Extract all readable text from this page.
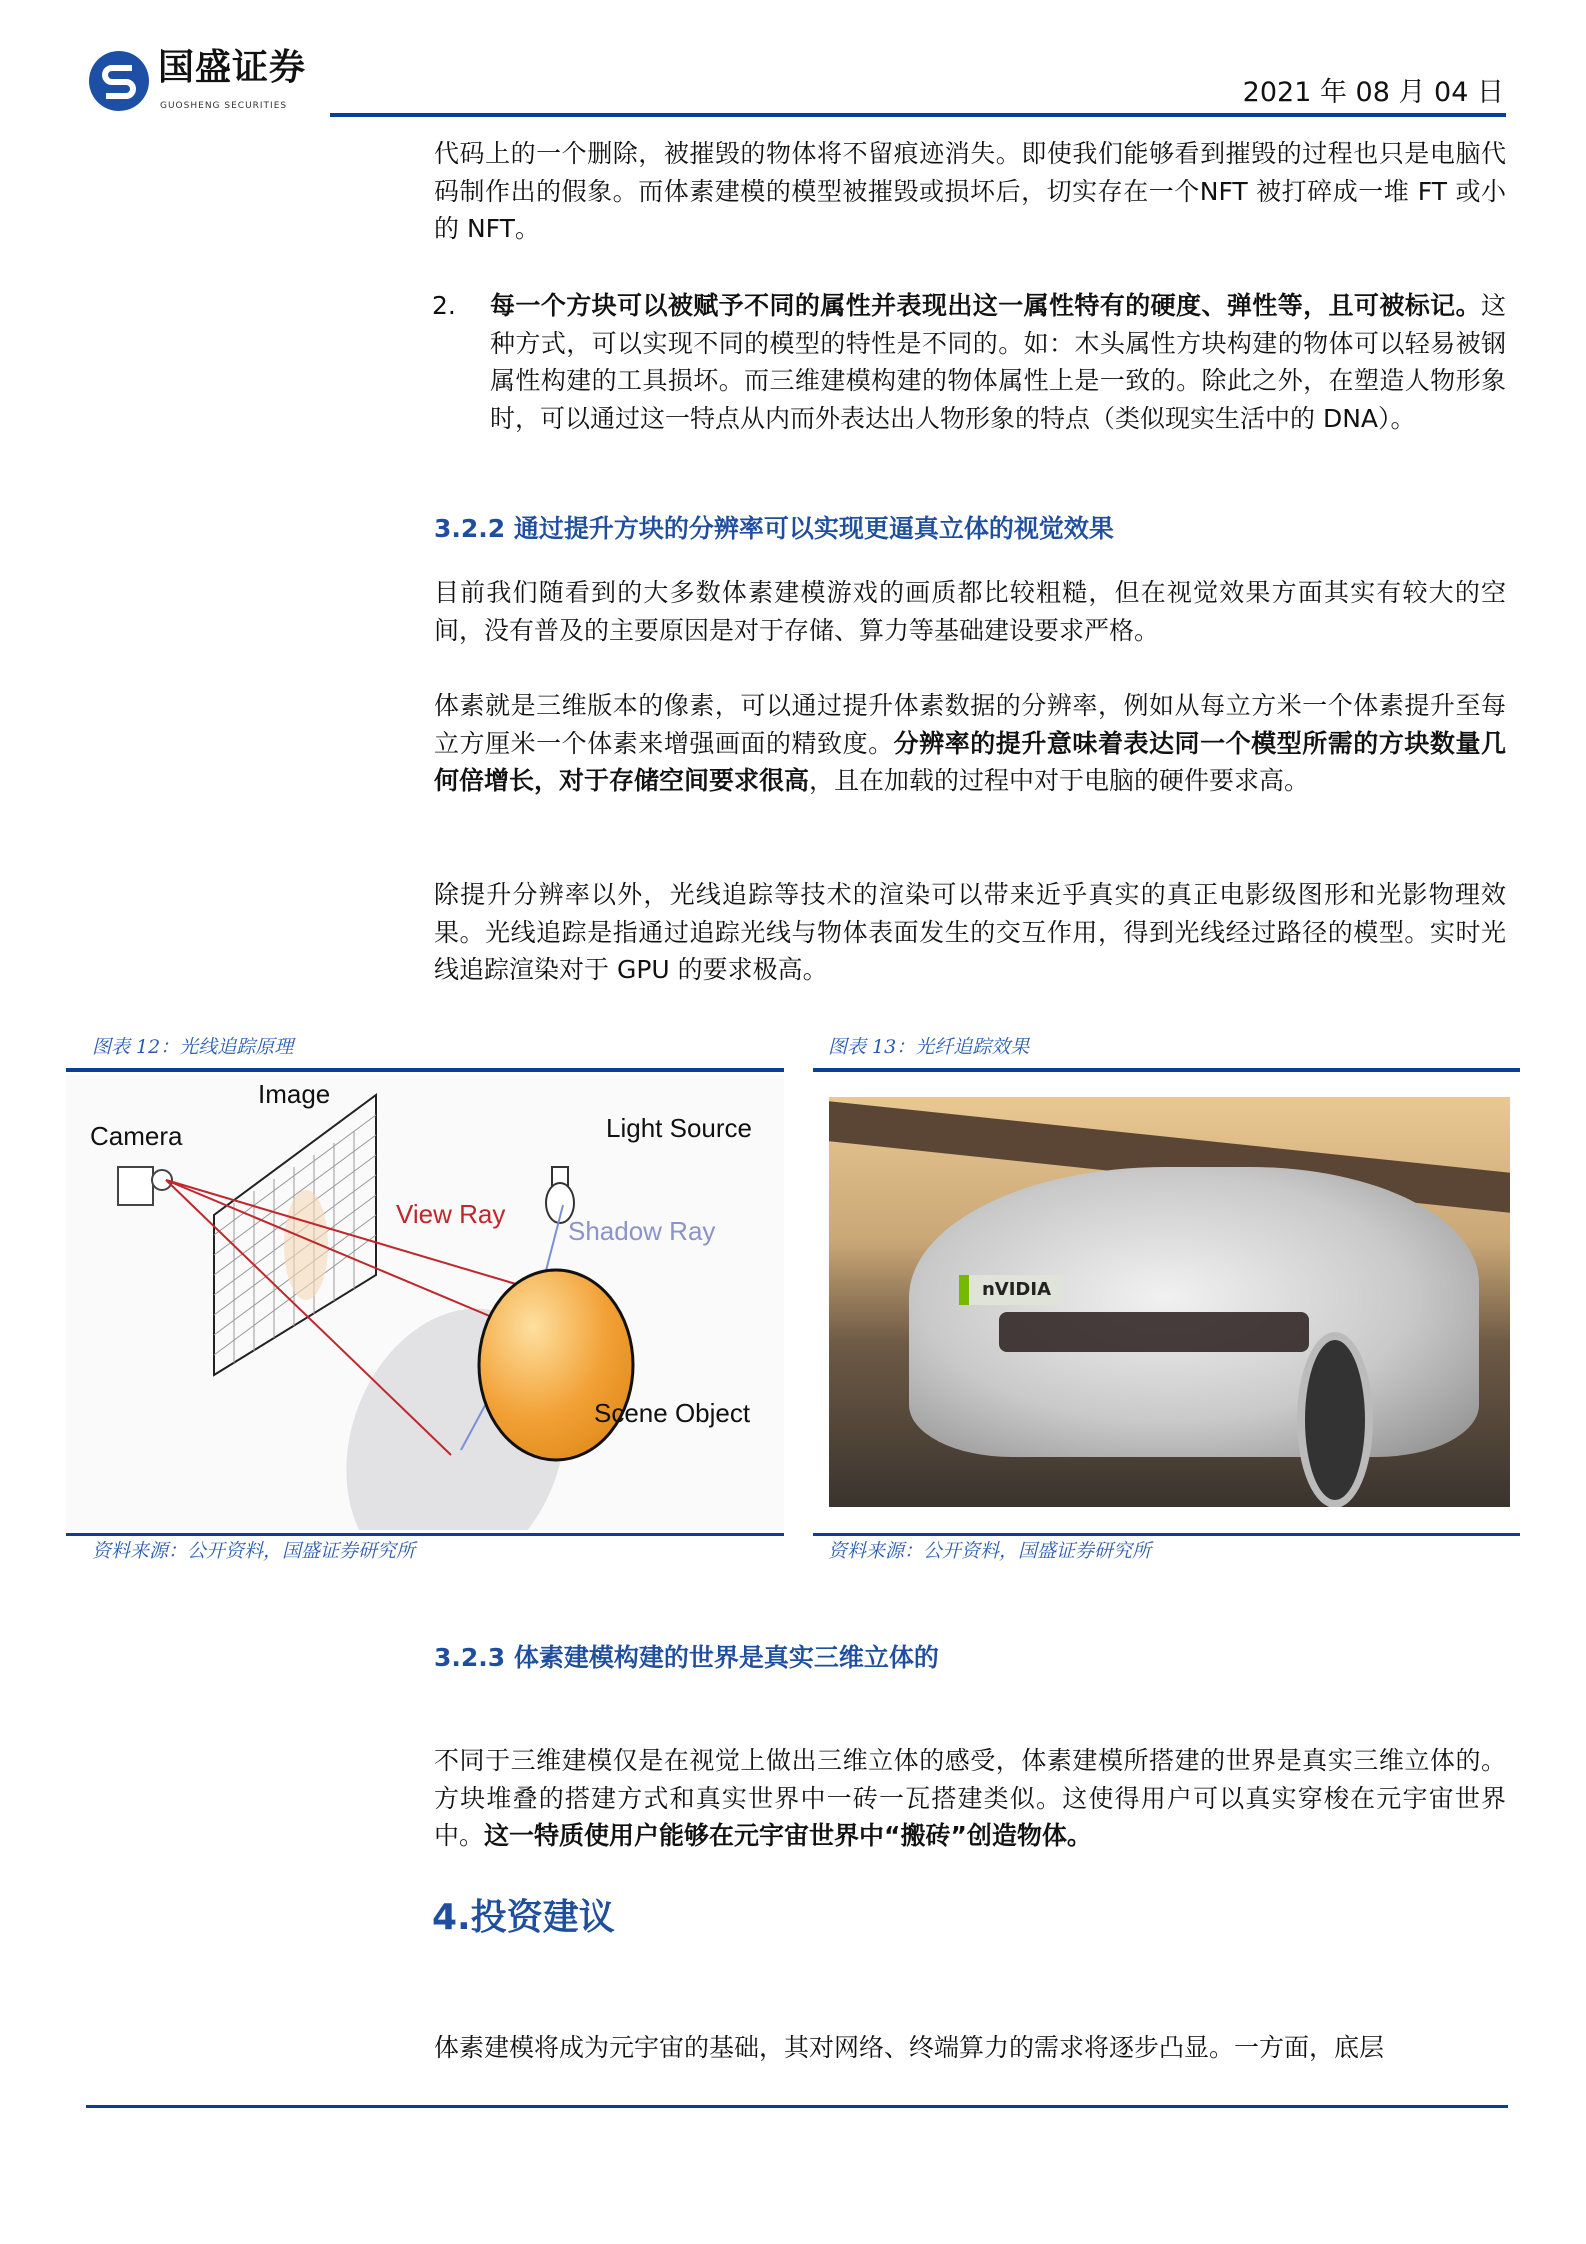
国盛证券
GUOSHENG SECURITIES	2021 年 08 月 04 日
代码上的一个删除，被摧毁的物体将不留痕迹消失。即使我们能够看到摧毁的过程也只是电脑代码制作出的假象。而体素建模的模型被摧毁或损坏后，切实存在一个NFT 被打碎成一堆 FT 或小的 NFT。
2. 每一个方块可以被赋予不同的属性并表现出这一属性特有的硬度、弹性等，且可被标记。这种方式，可以实现不同的模型的特性是不同的。如：木头属性方块构建的物体可以轻易被钢属性构建的工具损坏。而三维建模构建的物体属性上是一致的。除此之外，在塑造人物形象时，可以通过这一特点从内而外表达出人物形象的特点（类似现实生活中的 DNA）。
3.2.2 通过提升方块的分辨率可以实现更逼真立体的视觉效果
目前我们随看到的大多数体素建模游戏的画质都比较粗糙，但在视觉效果方面其实有较大的空间，没有普及的主要原因是对于存储、算力等基础建设要求严格。
体素就是三维版本的像素，可以通过提升体素数据的分辨率，例如从每立方米一个体素提升至每立方厘米一个体素来增强画面的精致度。分辨率的提升意味着表达同一个模型所需的方块数量几何倍增长，对于存储空间要求很高，且在加载的过程中对于电脑的硬件要求高。
除提升分辨率以外，光线追踪等技术的渲染可以带来近乎真实的真正电影级图形和光影物理效果。光线追踪是指通过追踪光线与物体表面发生的交互作用，得到光线经过路径的模型。实时光线追踪渲染对于 GPU 的要求极高。
图表 12：光线追踪原理
Image
Camera	Light Source
View Ray
Shadow Ray
Scene Object
资料来源：公开资料，国盛证券研究所
图表 13：光纤追踪效果
nVIDIA
资料来源：公开资料，国盛证券研究所
3.2.3 体素建模构建的世界是真实三维立体的
不同于三维建模仅是在视觉上做出三维立体的感受，体素建模所搭建的世界是真实三维立体的。方块堆叠的搭建方式和真实世界中一砖一瓦搭建类似。这使得用户可以真实穿梭在元宇宙世界中。这一特质使用户能够在元宇宙世界中“搬砖”创造物体。
4.投资建议
体素建模将成为元宇宙的基础，其对网络、终端算力的需求将逐步凸显。一方面，底层
